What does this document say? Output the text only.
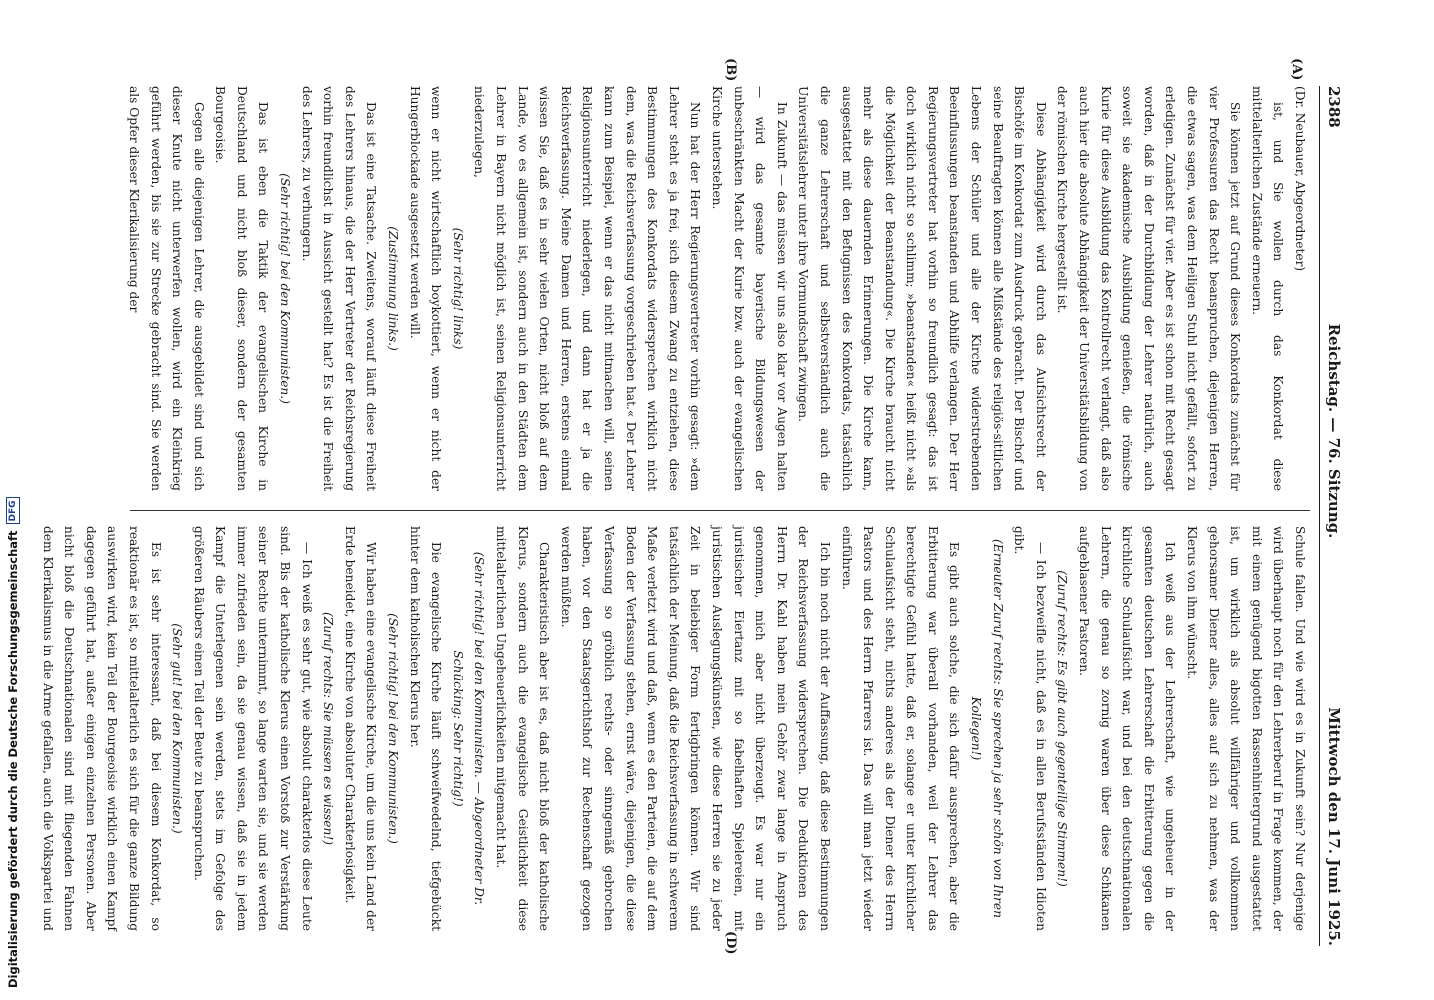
Digitalisierung gefördert durch die Deutsche Forschungsgemeinschaft
DFG
2388
Reichstag. — 76. Sitzung.
Mittwoch den 17. Juni 1925.
(A)
(B)
(D)

(Dr. Neubauer, Abgeordneter)

ist, und Sie wollen durch das Konkordat diese mittelalterlichen Zustände erneuern.

Sie können jetzt auf Grund dieses Konkordats zunächst für vier Professuren das Recht beanspruchen, diejenigen Herren, die etwas sagen, was dem Heiligen Stuhl nicht gefällt, sofort zu erledigen. Zunächst für vier. Aber es ist schon mit Recht gesagt worden, daß in der Durchbildung der Lehrer natürlich, auch soweit sie akademische Ausbildung genießen, die römische Kurie für diese Ausbildung das Kontrollrecht verlangt, daß also auch hier die absolute Abhängigkeit der Universitätsbildung von der römischen Kirche hergestellt ist.

Diese Abhängigkeit wird durch das Aufsichtsrecht der Bischöfe im Konkordat zum Ausdruck gebracht. Der Bischof und seine Beauftragten können alle Mißstände des religiös-sittlichen Lebens der Schüler und alle der Kirche widerstrebenden Beeinflussungen beanstanden und Abhilfe verlangen. Der Herr Regierungsvertreter hat vorhin so freundlich gesagt: das ist doch wirklich nicht so schlimm; »beanstanden« heißt nicht »als die Möglichkeit der Beanstandung«. Die Kirche braucht nicht mehr als diese dauernden Erinnerungen. Die Kirche kann, ausgestattet mit den Befugnissen des Konkordats, tatsächlich die ganze Lehrerschaft und selbstverständlich auch die Universitätslehrer unter ihre Vormundschaft zwingen.

In Zukunft — das müssen wir uns also klar vor Augen halten — wird das gesamte bayerische Bildungswesen der unbeschränkten Macht der Kurie bzw. auch der evangelischen Kirche unterstehen.

Nun hat der Herr Regierungsvertreter vorhin gesagt: »dem Lehrer steht es ja frei, sich diesem Zwang zu entziehen, diese Bestimmungen des Konkordats widersprechen wirklich nicht dem, was die Reichsverfassung vorgeschrieben hat.« Der Lehrer kann zum Beispiel, wenn er das nicht mitmachen will, seinen Religionsunterricht niederlegen, und dann hat er ja die Reichsverfassung. Meine Damen und Herren, erstens einmal wissen Sie, daß es in sehr vielen Orten, nicht bloß auf dem Lande, wo es allgemein ist, sondern auch in den Städten dem Lehrer in Bayern nicht möglich ist, seinen Religionsunterricht niederzulegen,

(Sehr richtig! links)

wenn er nicht wirtschaftlich boykottiert, wenn er nicht der Hungerblockade ausgesetzt werden will.

(Zustimmung links.)

Das ist eine Tatsache. Zweitens, worauf läuft diese Freiheit des Lehrers hinaus, die der Herr Vertreter der Reichsregierung vorhin freundlichst in Aussicht gestellt hat? Es ist die Freiheit des Lehrers, zu verhungern.

(Sehr richtig! bei den Kommunisten.)

Das ist eben die Taktik der evangelischen Kirche in Deutschland und nicht bloß dieser, sondern der gesamten Bourgeoisie.

Gegen alle diejenigen Lehrer, die ausgebildet sind und sich dieser Knute nicht unterwerfen wollen, wird ein Kleinkrieg geführt werden, bis sie zur Strecke gebracht sind. Sie werden als Opfer dieser Klerikalisierung der

Schule fallen. Und wie wird es in Zukunft sein? Nur derjenige wird überhaupt noch für den Lehrerberuf in Frage kommen, der mit einem genügend bigotten Rassenhintergrund ausgestattet ist, um wirklich als absolut willfähriger und vollkommen gehorsamer Diener alles, alles auf sich zu nehmen, was der Klerus von ihm wünscht.

Ich weiß aus der Lehrerschaft, wie ungeheuer in der gesamten deutschen Lehrerschaft die Erbitterung gegen die kirchliche Schulaufsicht war, und bei den deutschnationalen Lehrern, die genau so zornig waren über diese Schikanen aufgeblasener Pastoren.

(Zuruf rechts: Es gibt auch gegenteilige Stimmen!)

— Ich bezweifle nicht, daß es in allen Berufsständen Idioten gibt.

(Erneuter Zuruf rechts: Sie sprechen ja sehr schön von Ihren Kollegen!)

Es gibt auch solche, die sich dafür aussprechen, aber die Erbitterung war überall vorhanden, weil der Lehrer das berechtigte Gefühl hatte, daß er, solange er unter kirchlicher Schulaufsicht steht, nichts anderes als der Diener des Herrn Pastors und des Herrn Pfarrers ist. Das will man jetzt wieder einführen.

Ich bin noch nicht der Auffassung, daß diese Bestimmungen der Reichsverfassung widersprechen. Die Deduktionen des Herrn Dr. Kahl haben mein Gehör zwar lange in Anspruch genommen, mich aber nicht überzeugt. Es war nur ein juristischer Eiertanz mit so fabelhaften Spielereien, mit juristischen Auslegungskünsten, wie diese Herren sie zu jeder Zeit in beliebiger Form fertigbringen können. Wir sind tatsächlich der Meinung, daß die Reichsverfassung in schwerem Maße verletzt wird und daß, wenn es den Parteien, die auf dem Boden der Verfassung stehen, ernst wäre, diejenigen, die diese Verfassung so gröblich rechts- oder sinngemäß gebrochen haben, vor den Staatsgerichtshof zur Rechenschaft gezogen werden müßten.

Charakteristisch aber ist es, daß nicht bloß der katholische Klerus, sondern auch die evangelische Geistlichkeit diese mittelalterlichen Ungeheuerlichkeiten mitgemacht hat.

(Sehr richtig! bei den Kommunisten. — Abgeordneter Dr. Schücking: Sehr richtig!)

Die evangelische Kirche läuft schweifwedelnd, tiefgebückt hinter dem katholischen Klerus her.

(Sehr richtig! bei den Kommunisten.)

Wir haben eine evangelische Kirche, um die uns kein Land der Erde beneidet, eine Kirche von absoluter Charakterlosigkeit.

(Zuruf rechts: Sie müssen es wissen!)

— Ich weiß es sehr gut, wie absolut charakterlos diese Leute sind. Bis der katholische Klerus einen Vorstoß zur Verstärkung seiner Rechte unternimmt, so lange warten sie, und sie werden immer zufrieden sein, da sie genau wissen, daß sie in jedem Kampf die Unterlegenen sein werden, stets im Gefolge des größeren Räubers einen Teil der Beute zu beanspruchen.

(Sehr gut! bei den Kommunisten.)

Es ist sehr interessant, daß bei diesem Konkordat, so reaktionär es ist, so mittelalterlich es sich für die ganze Bildung auswirken wird, kein Teil der Bourgeoisie wirklich einen Kampf dagegen geführt hat, außer einigen einzelnen Personen. Aber nicht bloß die Deutschnationalen sind mit fliegenden Fahnen dem Klerikalismus in die Arme gefallen, auch die Volkspartei und
